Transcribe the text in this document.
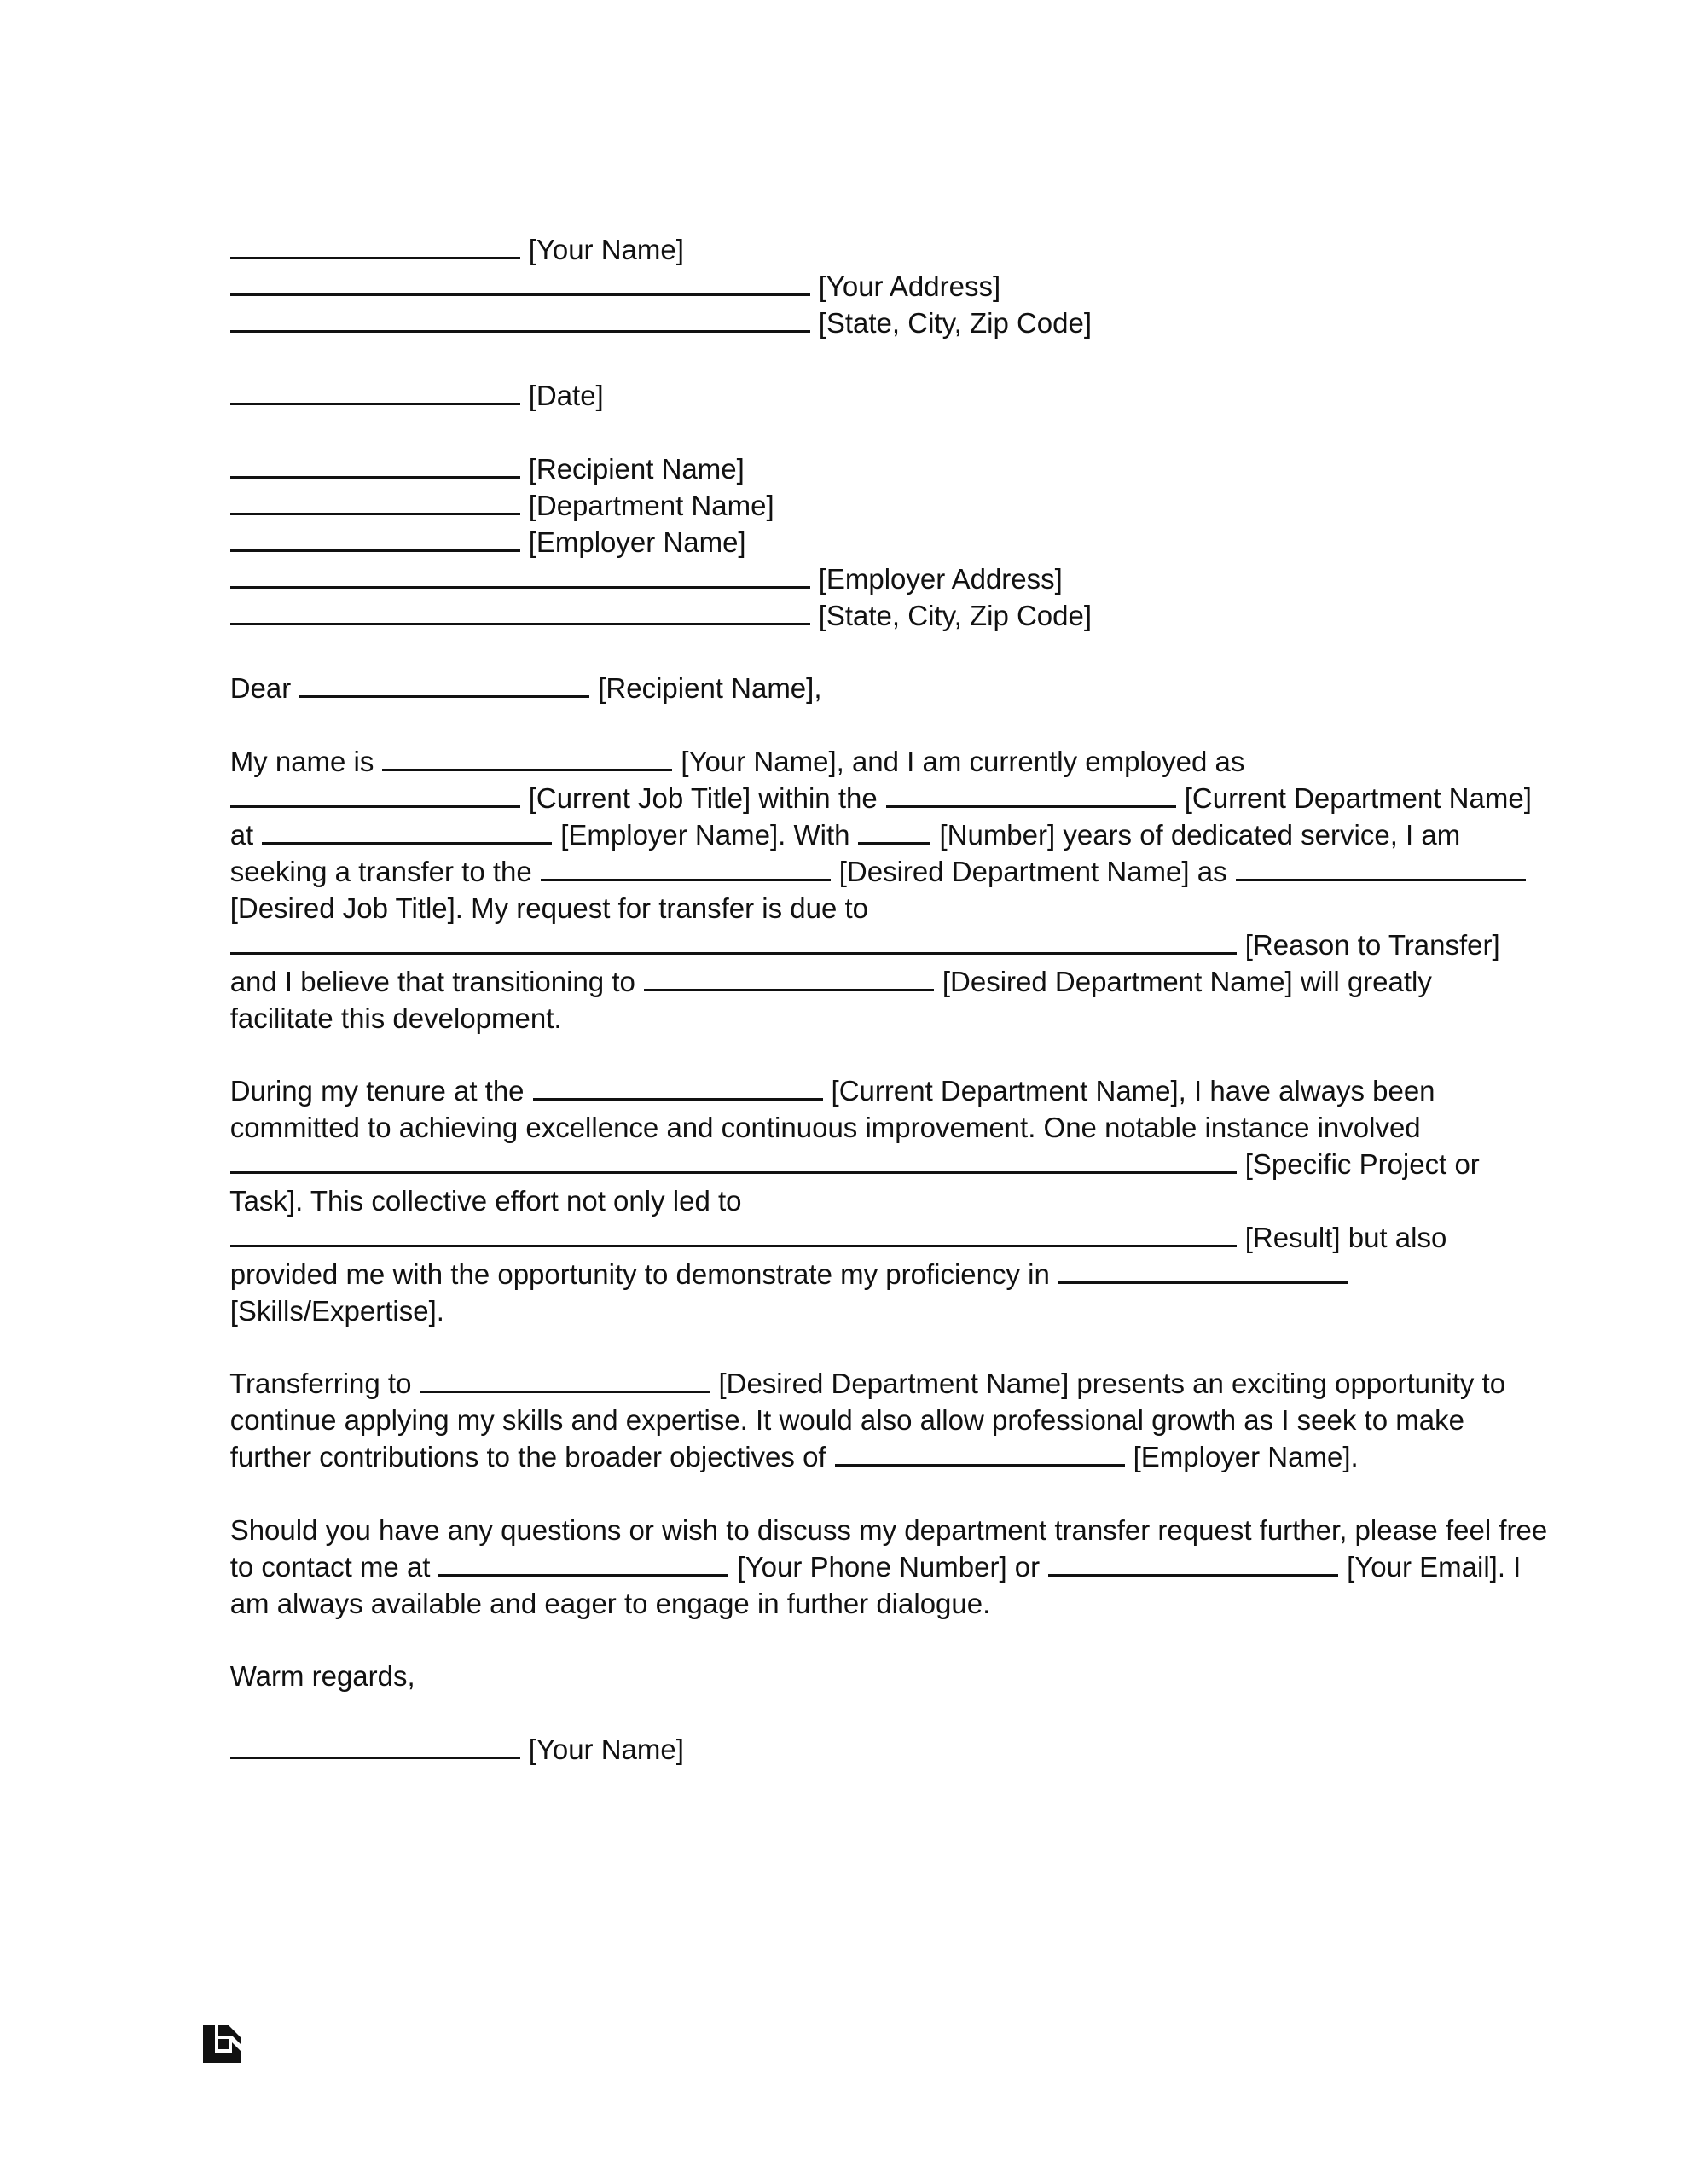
[Your Name]

[Your Address]

[State, City, Zip Code]

[Date]

[Recipient Name]

[Department Name]

[Employer Name]

[Employer Address]

[State, City, Zip Code]

Dear	[Recipient Name],

My name is	[Your Name], and I am currently employed as

[Current Job Title] within the	[Current Department Name]

at	[Employer Name]. With	[Number] years of dedicated service, I am

seeking a transfer to the	[Desired Department Name] as

[Desired Job Title]. My request for transfer is due to

[Reason to Transfer]

and I believe that transitioning to	[Desired Department Name] will greatly

facilitate this development.

During my tenure at the	[Current Department Name], I have always been

committed to achieving excellence and continuous improvement. One notable instance involved

[Specific Project or

Task]. This collective effort not only led to

[Result] but also

provided me with the opportunity to demonstrate my proficiency in

[Skills/Expertise].

Transferring to	[Desired Department Name] presents an exciting opportunity to

continue applying my skills and expertise. It would also allow professional growth as I seek to make

further contributions to the broader objectives of	[Employer Name].

Should you have any questions or wish to discuss my department transfer request further, please feel free

to contact me at	[Your Phone Number] or	[Your Email]. I

am always available and eager to engage in further dialogue.

Warm regards,

[Your Name]
